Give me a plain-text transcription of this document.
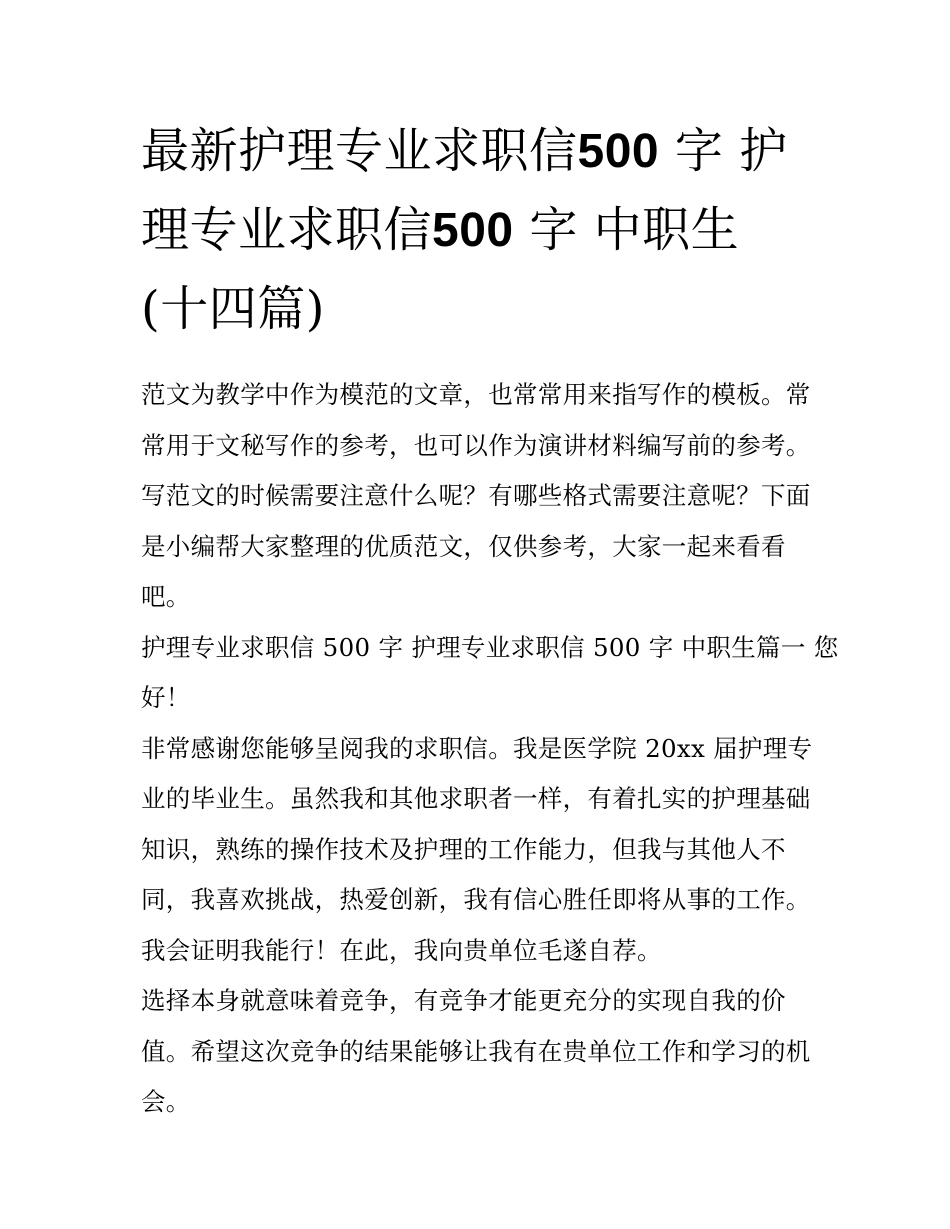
最新护理专业求职信500 字 护
理专业求职信500 字 中职生
(十四篇)

范文为教学中作为模范的文章，也常常用来指写作的模板。常
常用于文秘写作的参考，也可以作为演讲材料编写前的参考。
写范文的时候需要注意什么呢？有哪些格式需要注意呢？下面
是小编帮大家整理的优质范文，仅供参考，大家一起来看看
吧。

护理专业求职信 500 字 护理专业求职信 500 字 中职生篇一 您
好！

非常感谢您能够呈阅我的求职信。我是医学院 20xx 届护理专
业的毕业生。虽然我和其他求职者一样，有着扎实的护理基础
知识，熟练的操作技术及护理的工作能力，但我与其他人不
同，我喜欢挑战，热爱创新，我有信心胜任即将从事的工作。
我会证明我能行！在此，我向贵单位毛遂自荐。

选择本身就意味着竞争，有竞争才能更充分的实现自我的价
值。希望这次竞争的结果能够让我有在贵单位工作和学习的机
会。
